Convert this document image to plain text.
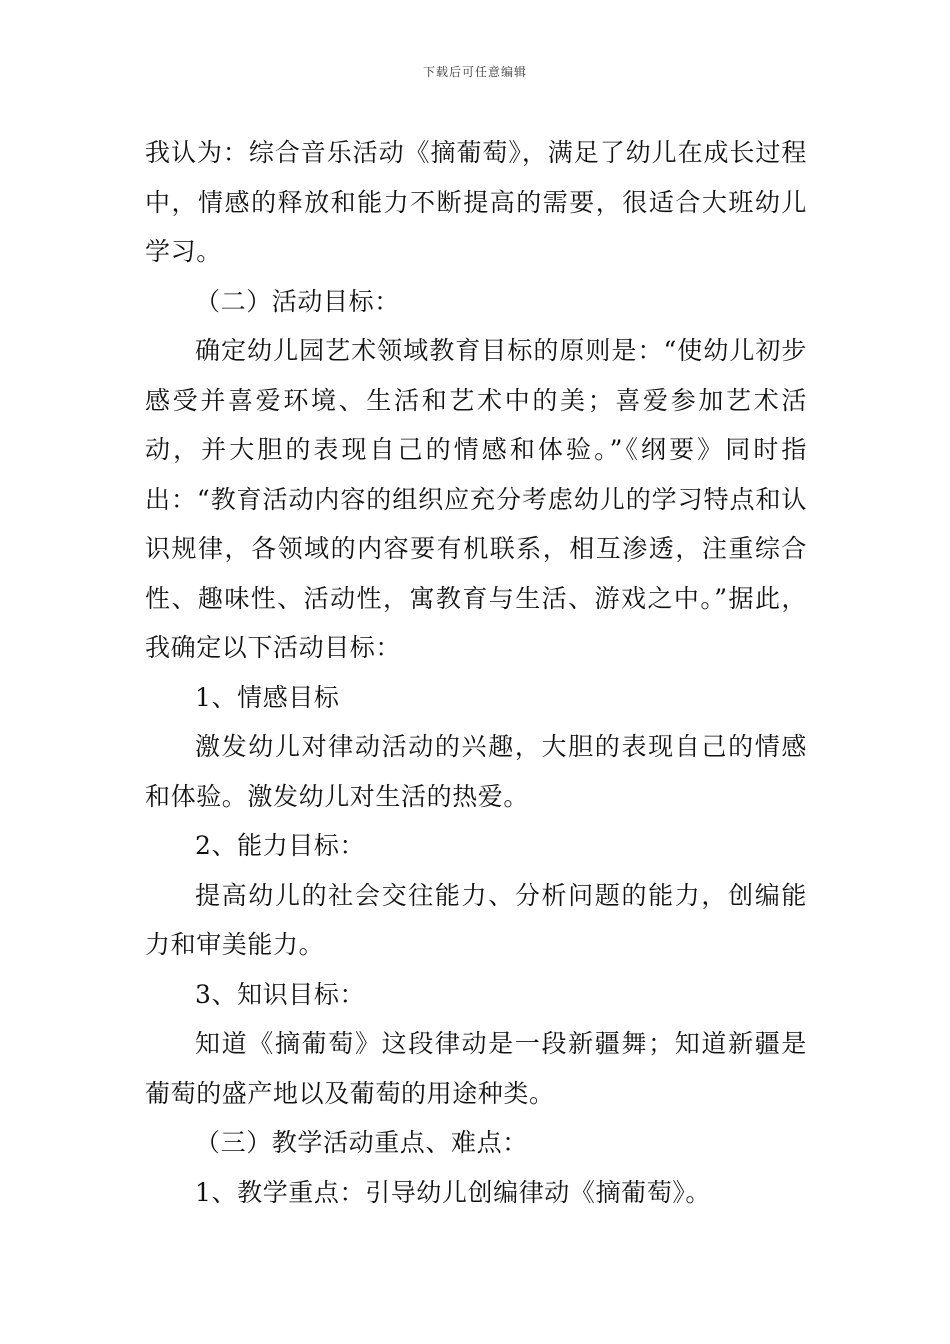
下载后可任意编辑

我认为：综合音乐活动《摘葡萄》，满足了幼儿在成长过程中，情感的释放和能力不断提高的需要，很适合大班幼儿学习。

（二）活动目标：

确定幼儿园艺术领域教育目标的原则是：“使幼儿初步感受并喜爱环境、生活和艺术中的美；喜爱参加艺术活动，并大胆的表现自己的情感和体验。”《纲要》同时指出：“教育活动内容的组织应充分考虑幼儿的学习特点和认识规律，各领域的内容要有机联系，相互渗透，注重综合性、趣味性、活动性，寓教育与生活、游戏之中。”据此，我确定以下活动目标：

1、情感目标

激发幼儿对律动活动的兴趣，大胆的表现自己的情感和体验。激发幼儿对生活的热爱。

2、能力目标：

提高幼儿的社会交往能力、分析问题的能力，创编能力和审美能力。

3、知识目标：

知道《摘葡萄》这段律动是一段新疆舞；知道新疆是葡萄的盛产地以及葡萄的用途种类。

（三）教学活动重点、难点：

1、教学重点：引导幼儿创编律动《摘葡萄》。
